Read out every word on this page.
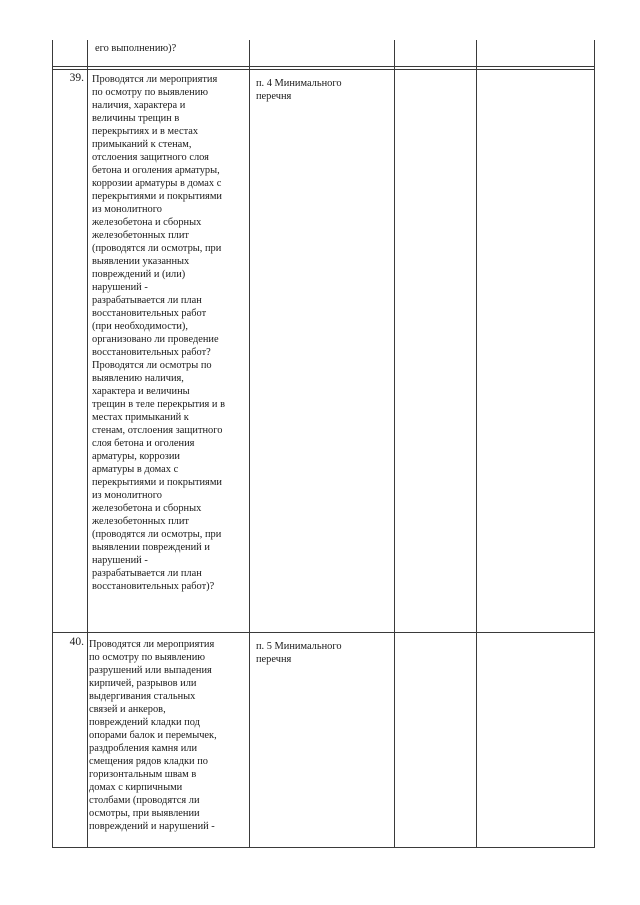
его выполнению)?
39. Проводятся ли мероприятия
по осмотру по выявлению
наличия, характера и
величины трещин в
перекрытиях и в местах
примыканий к стенам,
отслоения защитного слоя
бетона и оголения арматуры,
коррозии арматуры в домах с
перекрытиями и покрытиями
из монолитного
железобетона и сборных
железобетонных плит
(проводятся ли осмотры, при
выявлении указанных
повреждений и (или)
нарушений -
разрабатывается ли план
восстановительных работ
(при необходимости),
организовано ли проведение
восстановительных работ?
Проводятся ли осмотры по
выявлению наличия,
характера и величины
трещин в теле перекрытия и в
местах примыканий к
стенам, отслоения защитного
слоя бетона и оголения
арматуры, коррозии
арматуры в домах с
перекрытиями и покрытиями
из монолитного
железобетона и сборных
железобетонных плит
(проводятся ли осмотры, при
выявлении повреждений и
нарушений -
разрабатывается ли план
восстановительных работ)?
п. 4 Минимального
перечня
40. Проводятся ли мероприятия
по осмотру по выявлению
разрушений или выпадения
кирпичей, разрывов или
выдергивания стальных
связей и анкеров,
повреждений кладки под
опорами балок и перемычек,
раздробления камня или
смещения рядов кладки по
горизонтальным швам в
домах с кирпичными
столбами (проводятся ли
осмотры, при выявлении
повреждений и нарушений -
п. 5 Минимального
перечня
